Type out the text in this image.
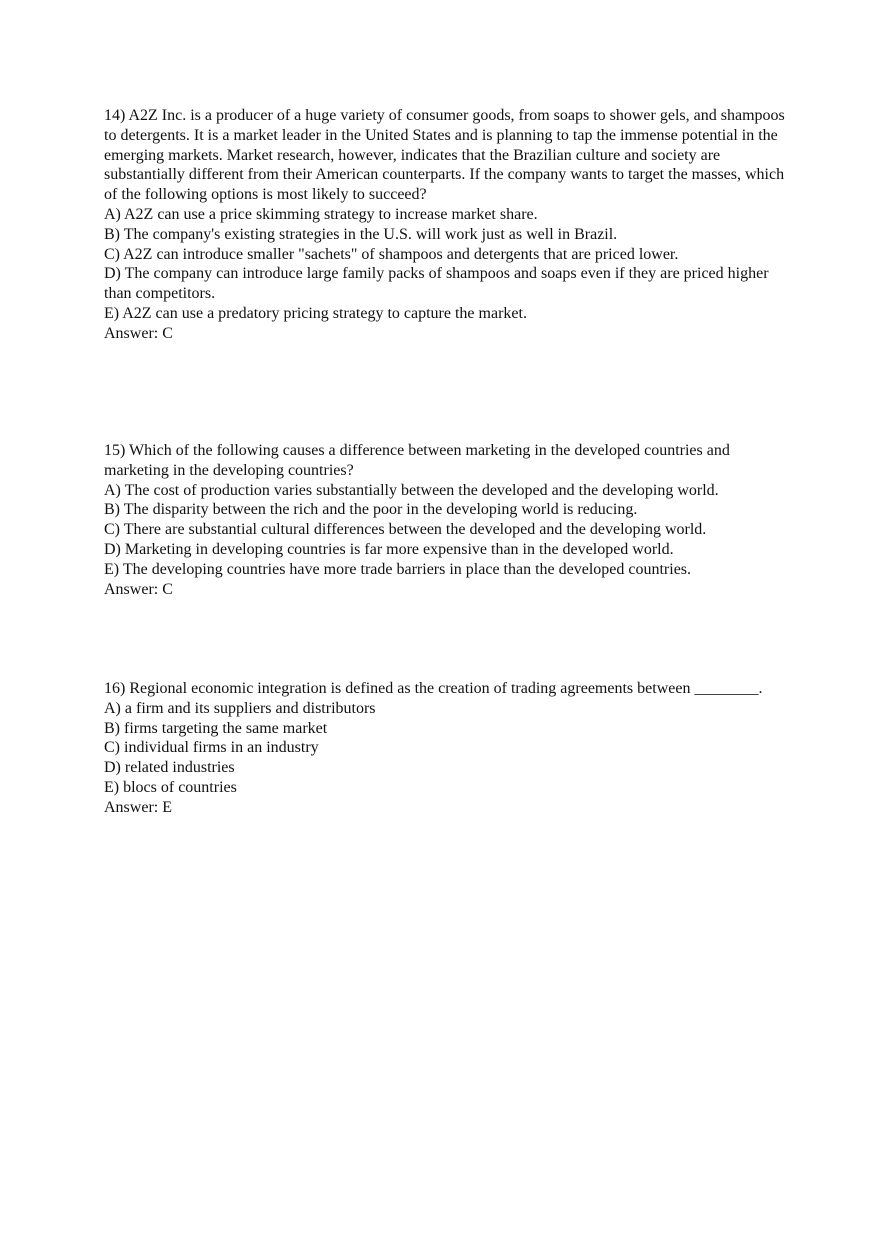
14) A2Z Inc. is a producer of a huge variety of consumer goods, from soaps to shower gels, and shampoos to detergents. It is a market leader in the United States and is planning to tap the immense potential in the emerging markets. Market research, however, indicates that the Brazilian culture and society are substantially different from their American counterparts. If the company wants to target the masses, which of the following options is most likely to succeed?
A) A2Z can use a price skimming strategy to increase market share.
B) The company's existing strategies in the U.S. will work just as well in Brazil.
C) A2Z can introduce smaller "sachets" of shampoos and detergents that are priced lower.
D) The company can introduce large family packs of shampoos and soaps even if they are priced higher than competitors.
E) A2Z can use a predatory pricing strategy to capture the market.
Answer: C
15) Which of the following causes a difference between marketing in the developed countries and marketing in the developing countries?
A) The cost of production varies substantially between the developed and the developing world.
B) The disparity between the rich and the poor in the developing world is reducing.
C) There are substantial cultural differences between the developed and the developing world.
D) Marketing in developing countries is far more expensive than in the developed world.
E) The developing countries have more trade barriers in place than the developed countries.
Answer: C
16) Regional economic integration is defined as the creation of trading agreements between ________.
A) a firm and its suppliers and distributors
B) firms targeting the same market
C) individual firms in an industry
D) related industries
E) blocs of countries
Answer: E
